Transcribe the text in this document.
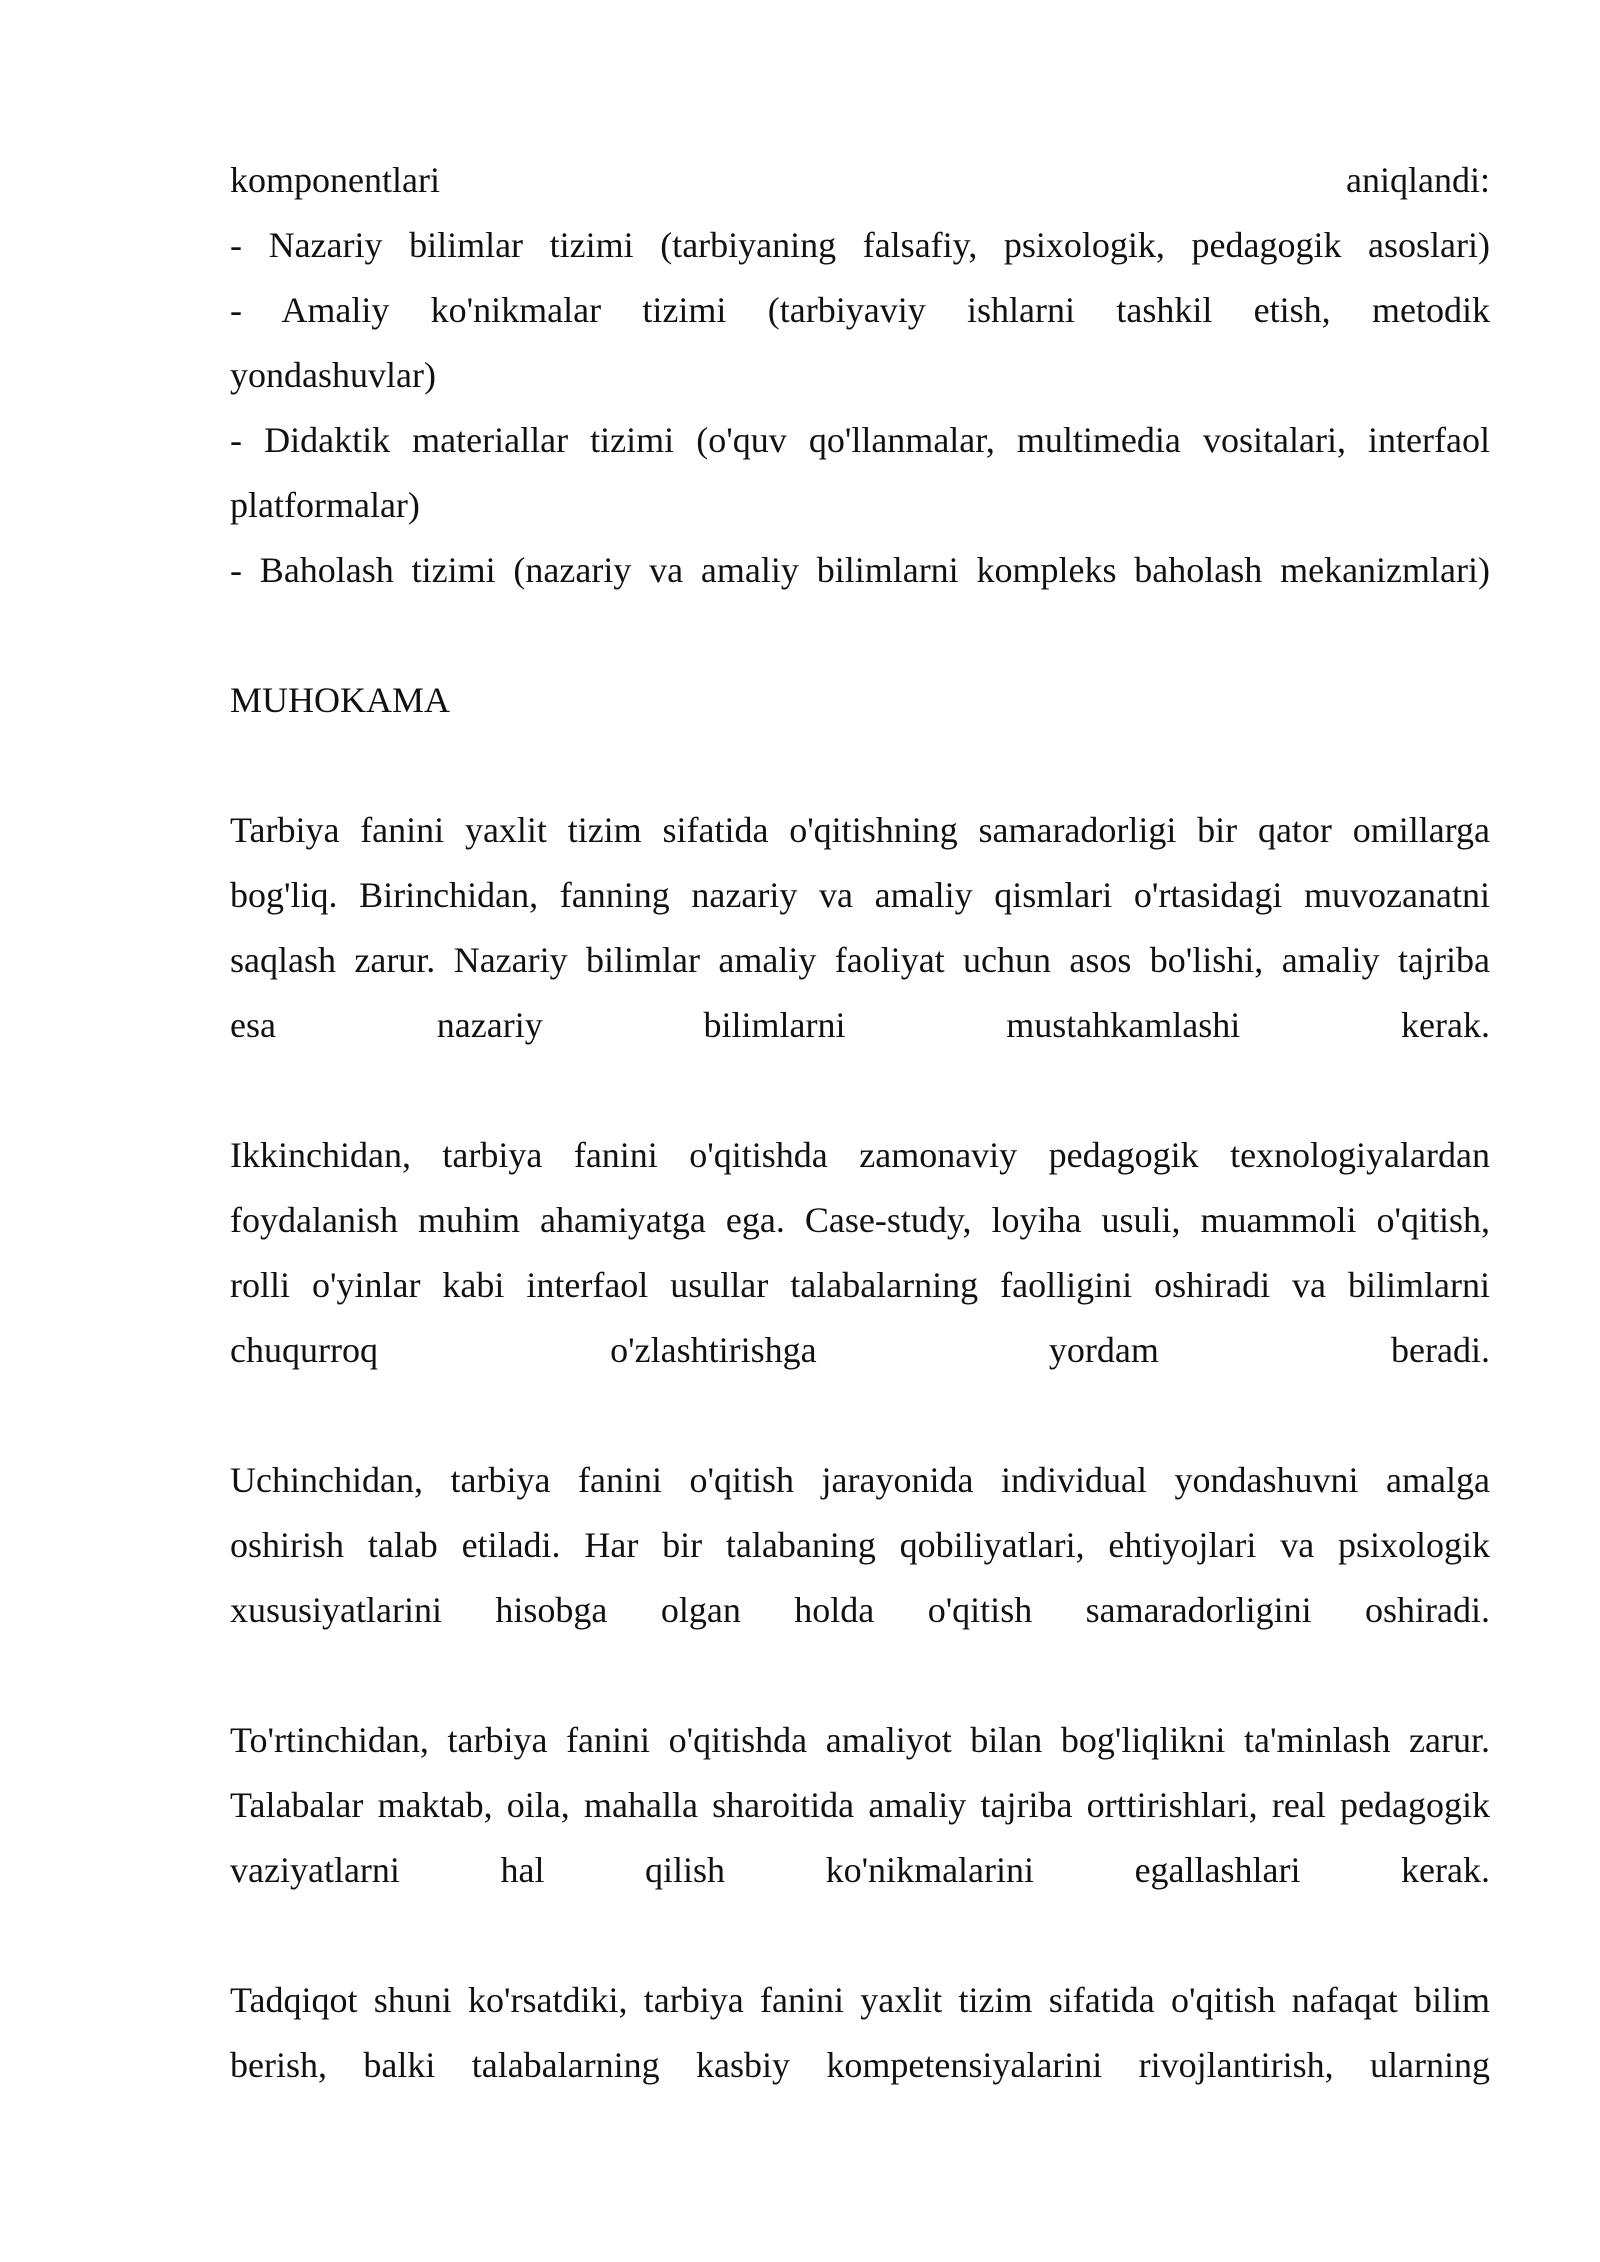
komponentlari aniqlandi:
- Nazariy bilimlar tizimi (tarbiyaning falsafiy, psixologik, pedagogik asoslari)
- Amaliy ko'nikmalar tizimi (tarbiyaviy ishlarni tashkil etish, metodik
yondashuvlar)
- Didaktik materiallar tizimi (o'quv qo'llanmalar, multimedia vositalari, interfaol
platformalar)
- Baholash tizimi (nazariy va amaliy bilimlarni kompleks baholash mekanizmlari)
MUHOKAMA
Tarbiya fanini yaxlit tizim sifatida o'qitishning samaradorligi bir qator omillarga
bog'liq. Birinchidan, fanning nazariy va amaliy qismlari o'rtasidagi muvozanatni
saqlash zarur. Nazariy bilimlar amaliy faoliyat uchun asos bo'lishi, amaliy tajriba
esa nazariy bilimlarni mustahkamlashi kerak.
Ikkinchidan, tarbiya fanini o'qitishda zamonaviy pedagogik texnologiyalardan
foydalanish muhim ahamiyatga ega. Case-study, loyiha usuli, muammoli o'qitish,
rolli o'yinlar kabi interfaol usullar talabalarning faolligini oshiradi va bilimlarni
chuqurroq o'zlashtirishga yordam beradi.
Uchinchidan, tarbiya fanini o'qitish jarayonida individual yondashuvni amalga
oshirish talab etiladi. Har bir talabaning qobiliyatlari, ehtiyojlari va psixologik
xususiyatlarini hisobga olgan holda o'qitish samaradorligini oshiradi.
To'rtinchidan, tarbiya fanini o'qitishda amaliyot bilan bog'liqlikni ta'minlash zarur.
Talabalar maktab, oila, mahalla sharoitida amaliy tajriba orttirishlari, real pedagogik
vaziyatlarni hal qilish ko'nikmalarini egallashlari kerak.
Tadqiqot shuni ko'rsatdiki, tarbiya fanini yaxlit tizim sifatida o'qitish nafaqat bilim
berish, balki talabalarning kasbiy kompetensiyalarini rivojlantirish, ularning
